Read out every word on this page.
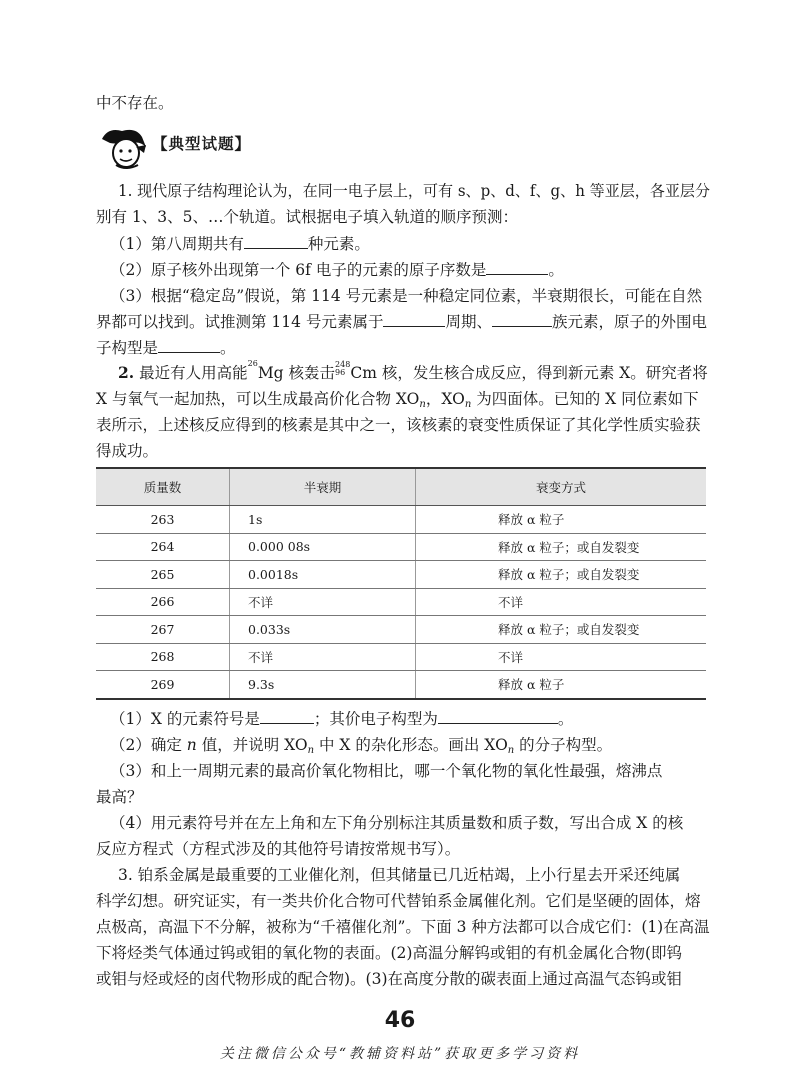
中不存在。
【典型试题】
1. 现代原子结构理论认为，在同一电子层上，可有 s、p、d、f、g、h 等亚层，各亚层分
别有 1、3、5、…个轨道。试根据电子填入轨道的顺序预测：
（1）第八周期共有	种元素。
（2）原子核外出现第一个 6f 电子的元素的原子序数是	。
（3）根据“稳定岛”假说，第 114 号元素是一种稳定同位素，半衰期很长，可能在自然
界都可以找到。试推测第 114 号元素属于	周期、	族元素，原子的外围电
子构型是	。
2. 最近有人用高能26Mg 核轰击 248
96 Cm 核，发生核合成反应，得到新元素 X。研究者将
X 与氧气一起加热，可以生成最高价化合物 $XO_n$，$XO_n$ 为四面体。已知的 X 同位素如下
表所示，上述核反应得到的核素是其中之一，该核素的衰变性质保证了其化学性质实验获
得成功。
质量数	半衰期	衰变方式
263	1s	释放 α 粒子
264	0.000 08s	释放 α 粒子；或自发裂变
265	0.0018s	释放 α 粒子；或自发裂变
266	不详	不详
267	0.033s	释放 α 粒子；或自发裂变
268	不详	不详
269	9.3s	释放 α 粒子
（1）X 的元素符号是	；其价电子构型为	。
（2）确定 n 值，并说明 $XO_n$ 中 X 的杂化形态。画出 $XO_n$ 的分子构型。
（3）和上一周期元素的最高价氧化物相比，哪一个氧化物的氧化性最强，熔沸点
最高？
（4）用元素符号并在左上角和左下角分别标注其质量数和质子数，写出合成 X 的核
反应方程式（方程式涉及的其他符号请按常规书写）。
3. 铂系金属是最重要的工业催化剂，但其储量已几近枯竭，上小行星去开采还纯属
科学幻想。研究证实，有一类共价化合物可代替铂系金属催化剂。它们是坚硬的固体，熔
点极高，高温下不分解，被称为“千禧催化剂”。下面 3 种方法都可以合成它们：(1)在高温
下将烃类气体通过钨或钼的氧化物的表面。(2)高温分解钨或钼的有机金属化合物(即钨
或钼与烃或烃的卤代物形成的配合物)。(3)在高度分散的碳表面上通过高温气态钨或钼
46
关注微信公众号“教辅资料站”获取更多学习资料
